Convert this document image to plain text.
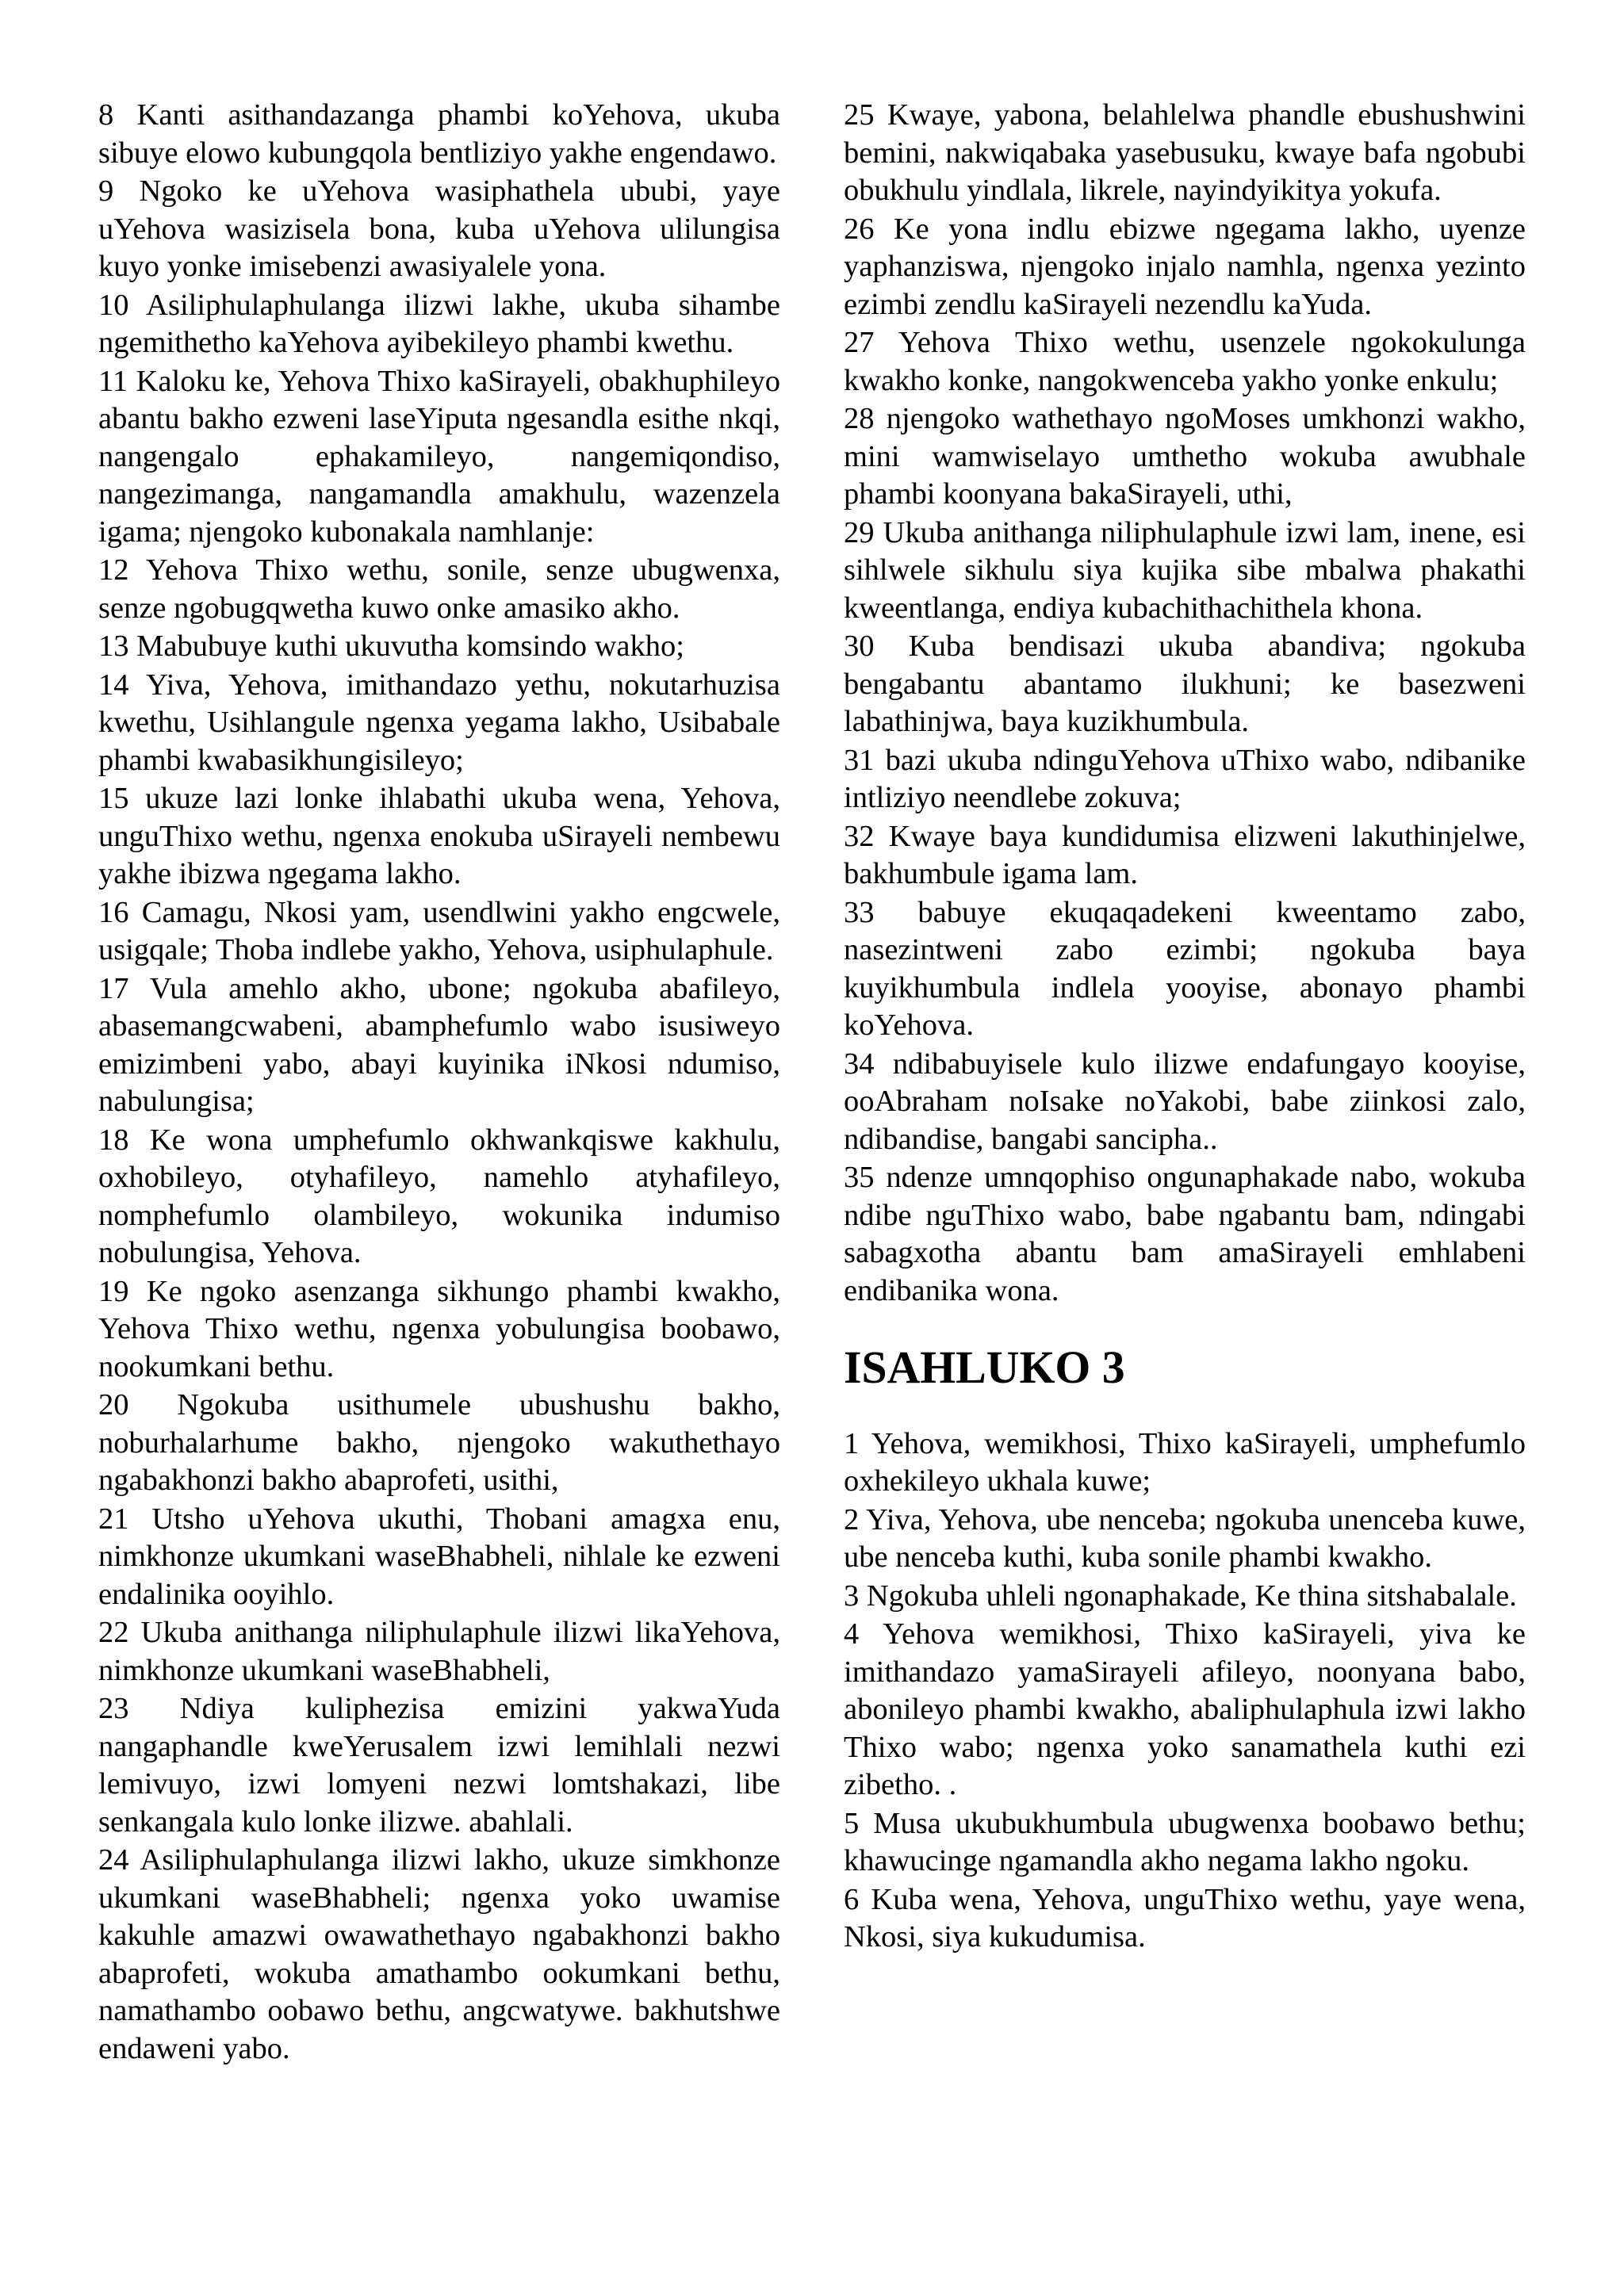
8 Kanti asithandazanga phambi koYehova, ukuba sibuye elowo kubungqola bentliziyo yakhe engendawo.

9 Ngoko ke uYehova wasiphathela ububi, yaye uYehova wasizisela bona, kuba uYehova ulilungisa kuyo yonke imisebenzi awasiyalele yona.

10 Asiliphulaphulanga ilizwi lakhe, ukuba sihambe ngemithetho kaYehova ayibekileyo phambi kwethu.

11 Kaloku ke, Yehova Thixo kaSirayeli, obakhuphileyo abantu bakho ezweni laseYiputa ngesandla esithe nkqi, nangengalo ephakamileyo, nangemiqondiso, nangezimanga, nangamandla amakhulu, wazenzela igama; njengoko kubonakala namhlanje:

12 Yehova Thixo wethu, sonile, senze ubugwenxa, senze ngobugqwetha kuwo onke amasiko akho.

13 Mabubuye kuthi ukuvutha komsindo wakho;

14 Yiva, Yehova, imithandazo yethu, nokutarhuzisa kwethu, Usihlangule ngenxa yegama lakho, Usibabale phambi kwabasikhungisileyo;

15 ukuze lazi lonke ihlabathi ukuba wena, Yehova, unguThixo wethu, ngenxa enokuba uSirayeli nembewu yakhe ibizwa ngegama lakho.

16 Camagu, Nkosi yam, usendlwini yakho engcwele, usigqale; Thoba indlebe yakho, Yehova, usiphulaphule.

17 Vula amehlo akho, ubone; ngokuba abafileyo, abasemangcwabeni, abamphefumlo wabo isusiweyo emizimbeni yabo, abayi kuyinika iNkosi ndumiso, nabulungisa;

18 Ke wona umphefumlo okhwankqiswe kakhulu, oxhobileyo, otyhafileyo, namehlo atyhafileyo, nomphefumlo olambileyo, wokunika indumiso nobulungisa, Yehova.

19 Ke ngoko asenzanga sikhungo phambi kwakho, Yehova Thixo wethu, ngenxa yobulungisa boobawo, nookumkani bethu.

20 Ngokuba usithumele ubushushu bakho, noburhalarhume bakho, njengoko wakuthethayo ngabakhonzi bakho abaprofeti, usithi,

21 Utsho uYehova ukuthi, Thobani amagxa enu, nimkhonze ukumkani waseBhabheli, nihlale ke ezweni endalinika ooyihlo.

22 Ukuba anithanga niliphulaphule ilizwi likaYehova, nimkhonze ukumkani waseBhabheli,

23 Ndiya kuliphezisa emizini yakwaYuda nangaphandle kweYerusalem izwi lemihlali nezwi lemivuyo, izwi lomyeni nezwi lomtshakazi, libe senkangala kulo lonke ilizwe. abahlali.

24 Asiliphulaphulanga ilizwi lakho, ukuze simkhonze ukumkani waseBhabheli; ngenxa yoko uwamise kakuhle amazwi owawathethayo ngabakhonzi bakho abaprofeti, wokuba amathambo ookumkani bethu, namathambo oobawo bethu, angcwatywe. bakhutshwe endaweni yabo.

25 Kwaye, yabona, belahlelwa phandle ebushushwini bemini, nakwiqabaka yasebusuku, kwaye bafa ngobubi obukhulu yindlala, likrele, nayindyikitya yokufa.

26 Ke yona indlu ebizwe ngegama lakho, uyenze yaphanziswa, njengoko injalo namhla, ngenxa yezinto ezimbi zendlu kaSirayeli nezendlu kaYuda.

27 Yehova Thixo wethu, usenzele ngokokulunga kwakho konke, nangokwenceba yakho yonke enkulu;

28 njengoko wathethayo ngoMoses umkhonzi wakho, mini wamwiselayo umthetho wokuba awubhale phambi koonyana bakaSirayeli, uthi,

29 Ukuba anithanga niliphulaphule izwi lam, inene, esi sihlwele sikhulu siya kujika sibe mbalwa phakathi kweentlanga, endiya kubachithachithela khona.

30 Kuba bendisazi ukuba abandiva; ngokuba bengabantu abantamo ilukhuni; ke basezweni labathinjwa, baya kuzikhumbula.

31 bazi ukuba ndinguYehova uThixo wabo, ndibanike intliziyo neendlebe zokuva;

32 Kwaye baya kundidumisa elizweni lakuthinjelwe, bakhumbule igama lam.

33 babuye ekuqaqadekeni kweentamo zabo, nasezintweni zabo ezimbi; ngokuba baya kuyikhumbula indlela yooyise, abonayo phambi koYehova.

34 ndibabuyisele kulo ilizwe endafungayo kooyise, ooAbraham noIsake noYakobi, babe ziinkosi zalo, ndibandise, bangabi sancipha..

35 ndenze umnqophiso ongunaphakade nabo, wokuba ndibe nguThixo wabo, babe ngabantu bam, ndingabi sabagxotha abantu bam amaSirayeli emhlabeni endibanika wona.

ISAHLUKO 3

1 Yehova, wemikhosi, Thixo kaSirayeli, umphefumlo oxhekileyo ukhala kuwe;

2 Yiva, Yehova, ube nenceba; ngokuba unenceba kuwe, ube nenceba kuthi, kuba sonile phambi kwakho.

3 Ngokuba uhleli ngonaphakade, Ke thina sitshabalale.

4 Yehova wemikhosi, Thixo kaSirayeli, yiva ke imithandazo yamaSirayeli afileyo, noonyana babo, abonileyo phambi kwakho, abaliphulaphula izwi lakho Thixo wabo; ngenxa yoko sanamathela kuthi ezi zibetho. .

5 Musa ukubukhumbula ubugwenxa boobawo bethu; khawucinge ngamandla akho negama lakho ngoku.

6 Kuba wena, Yehova, unguThixo wethu, yaye wena, Nkosi, siya kukudumisa.
